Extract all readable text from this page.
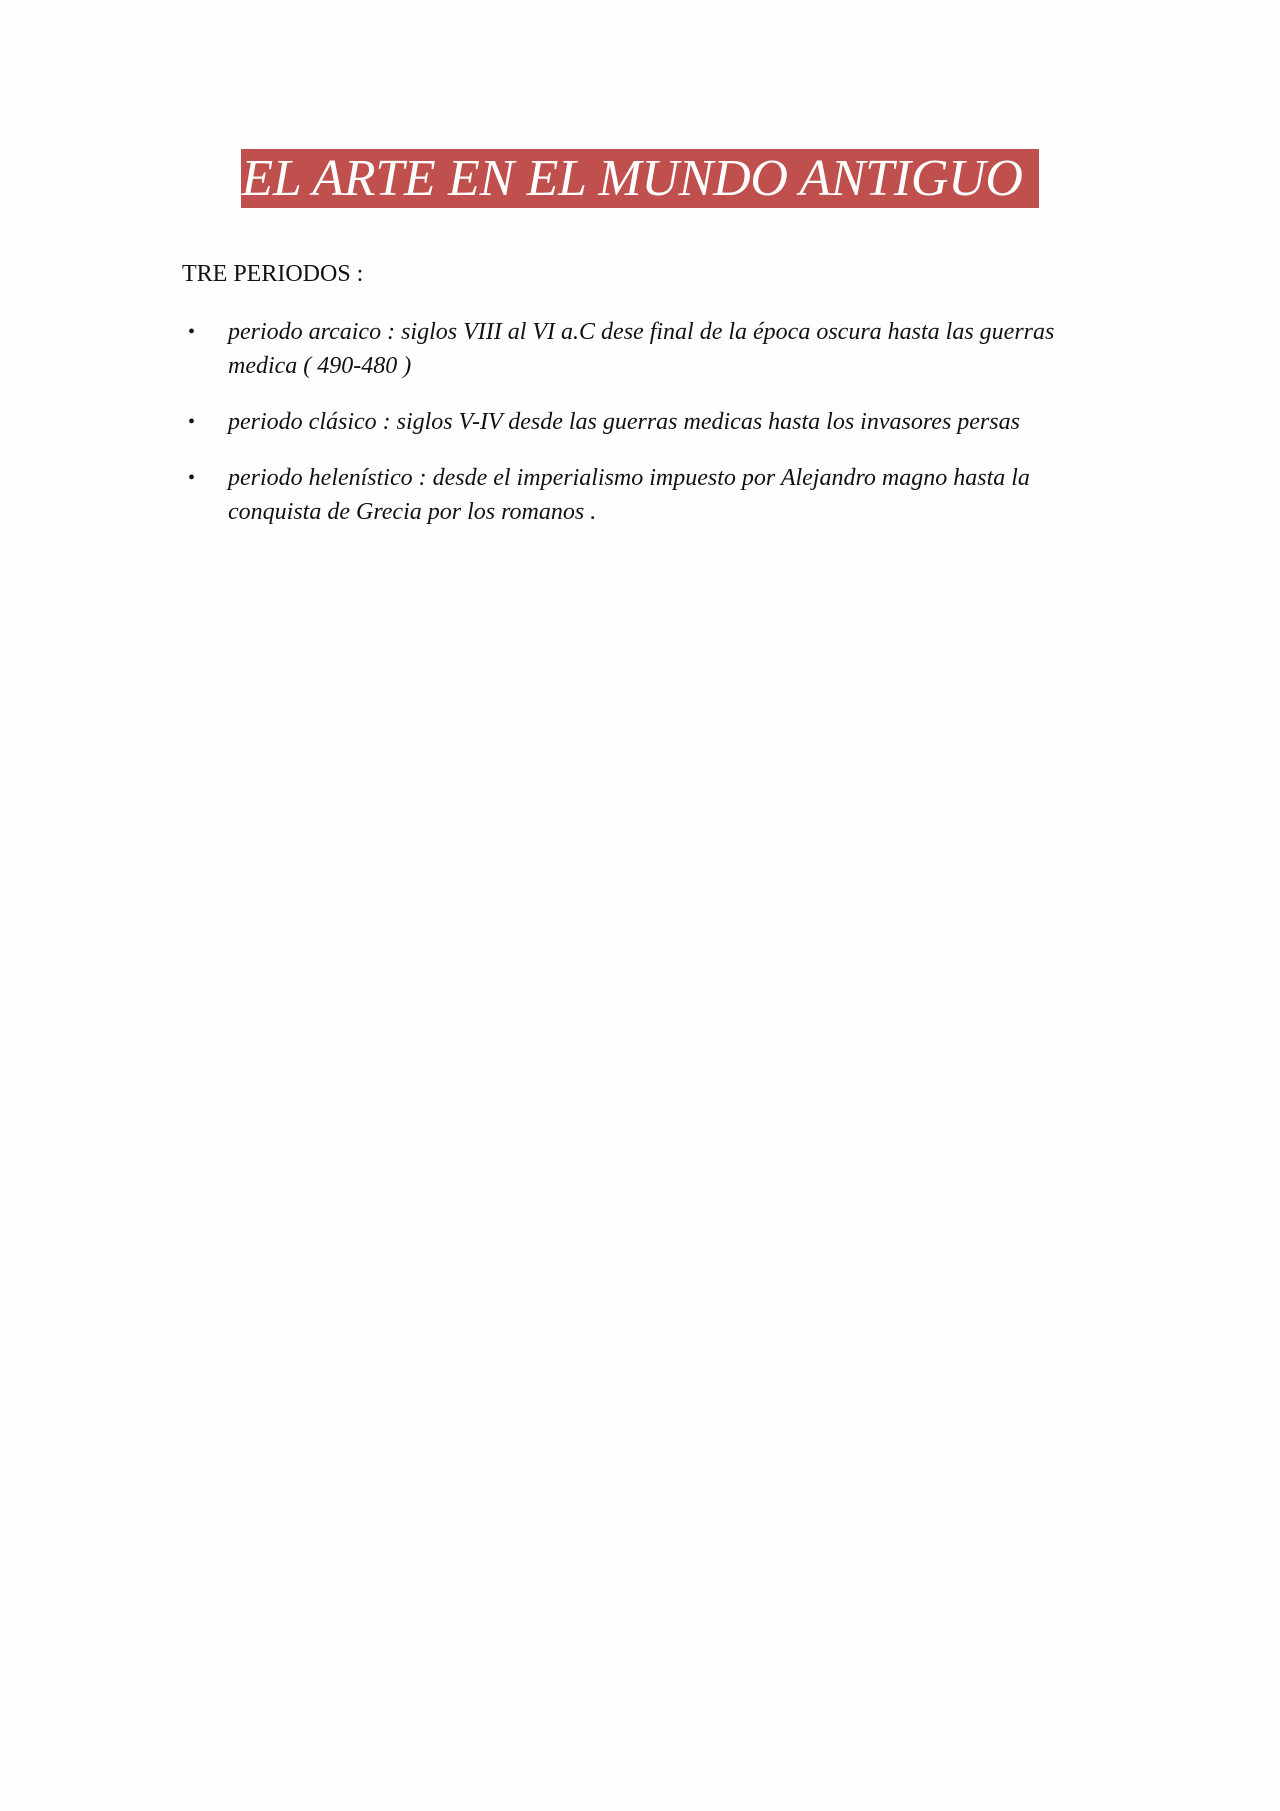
EL ARTE EN EL MUNDO ANTIGUO
TRE PERIODOS :
• periodo arcaico : siglos VIII al VI a.C dese final de la época oscura hasta las guerras medica ( 490-480 )
• periodo clásico : siglos V-IV desde las guerras medicas hasta los invasores persas
• periodo helenístico : desde el imperialismo impuesto por Alejandro magno hasta la conquista de Grecia por los romanos .
